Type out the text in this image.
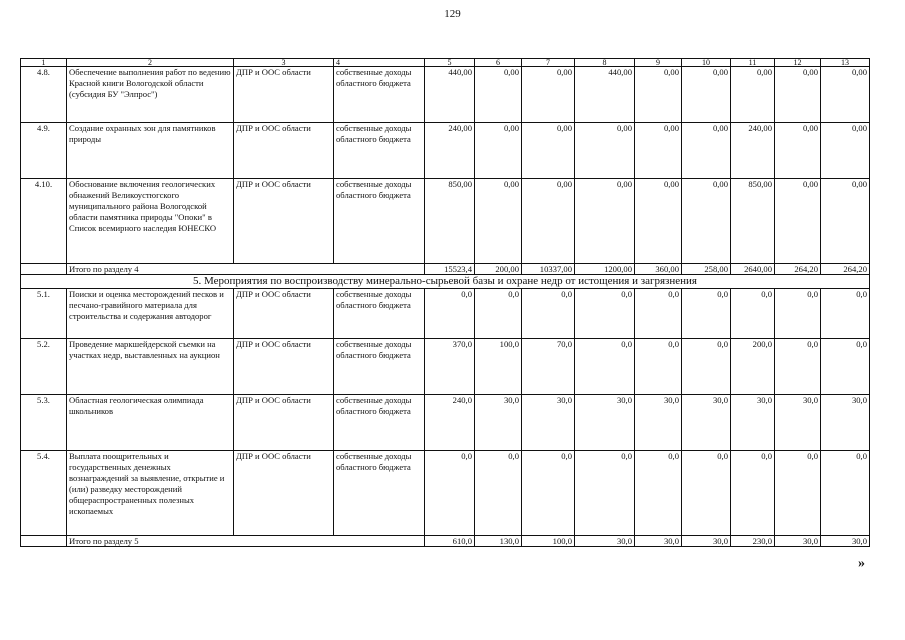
129
1	2	3	4	5	6	7	8	9	10	11	12	13
4.8.	Обеспечение выполнения работ по ведению Красной книги Вологодской области (субсидия БУ "Элпрос")	ДПР и ООС области	собственные доходы областного бюджета	440,00	0,00	0,00	440,00	0,00	0,00	0,00	0,00	0,00
4.9.	Создание охранных зон для памятников природы	ДПР и ООС области	собственные доходы областного бюджета	240,00	0,00	0,00	0,00	0,00	0,00	240,00	0,00	0,00
4.10.	Обоснование включения геологических обнажений Великоустюгского муниципального района Вологодской области памятника природы "Опоки" в Список всемирного наследия ЮНЕСКО	ДПР и ООС области	собственные доходы областного бюджета	850,00	0,00	0,00	0,00	0,00	0,00	850,00	0,00	0,00
	Итого по разделу 4			15523,4	200,00	10337,00	1200,00	360,00	258,00	2640,00	264,20	264,20
5. Мероприятия по воспроизводству минерально-сырьевой базы и охране недр от истощения и загрязнения												
5.1.	Поиски и оценка месторождений песков и песчано-гравийного материала для строительства и содержания автодорог	ДПР и ООС области	собственные доходы областного бюджета	0,0	0,0	0,0	0,0	0,0	0,0	0,0	0,0	0,0
5.2.	Проведение маркшейдерской съемки на участках недр, выставленных на аукцион	ДПР и ООС области	собственные доходы областного бюджета	370,0	100,0	70,0	0,0	0,0	0,0	200,0	0,0	0,0
5.3.	Областная геологическая олимпиада школьников	ДПР и ООС области	собственные доходы областного бюджета	240,0	30,0	30,0	30,0	30,0	30,0	30,0	30,0	30,0
5.4.	Выплата поощрительных и государственных денежных вознаграждений за выявление, открытие и (или) разведку месторождений общераспространенных полезных ископаемых	ДПР и ООС области	собственные доходы областного бюджета	0,0	0,0	0,0	0,0	0,0	0,0	0,0	0,0	0,0
	Итого по разделу 5			610,0	130,0	100,0	30,0	30,0	30,0	230,0	30,0	30,0
»
